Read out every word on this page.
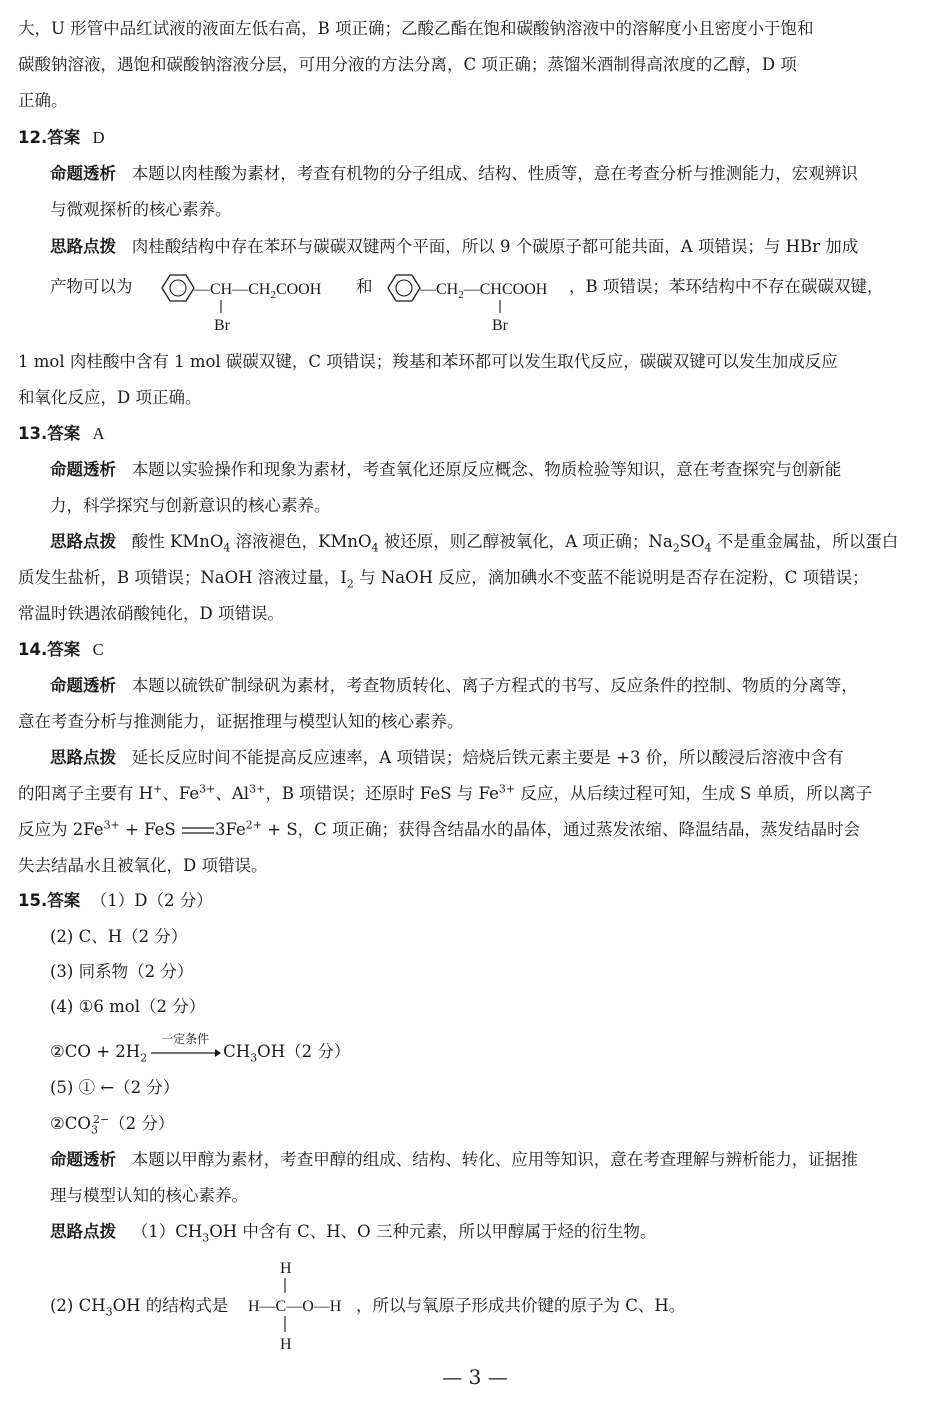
大，U 形管中品红试液的液面左低右高，B 项正确；乙酸乙酯在饱和碳酸钠溶液中的溶解度小且密度小于饱和
碳酸钠溶液，遇饱和碳酸钠溶液分层，可用分液的方法分离，C 项正确；蒸馏米酒制得高浓度的乙醇，D 项
正确。
12.答案 D
命题透析 本题以肉桂酸为素材，考查有机物的分子组成、结构、性质等，意在考查分析与推测能力，宏观辨识
与微观探析的核心素养。
思路点拨 肉桂酸结构中存在苯环与碳碳双键两个平面，所以 9 个碳原子都可能共面，A 项错误；与 HBr 加成
产物可以为	$—CH—CH_2COOH$
Br
和	$—CH_2—CHCOOH$
Br
，B 项错误；苯环结构中不存在碳碳双键，
1 mol 肉桂酸中含有 1 mol 碳碳双键，C 项错误；羧基和苯环都可以发生取代反应，碳碳双键可以发生加成反应
和氧化反应，D 项正确。
13.答案 A
命题透析 本题以实验操作和现象为素材，考查氧化还原反应概念、物质检验等知识，意在考查探究与创新能
力，科学探究与创新意识的核心素养。
思路点拨 酸性 KMnO$_4$ 溶液褪色，KMnO$_4$ 被还原，则乙醇被氧化，A 项正确；$Na_2SO_4$ 不是重金属盐，所以蛋白
质发生盐析，B 项错误；NaOH 溶液过量，$I_2$ 与 NaOH 反应，滴加碘水不变蓝不能说明是否存在淀粉，C 项错误；
常温时铁遇浓硝酸钝化，D 项错误。
14.答案 C
命题透析 本题以硫铁矿制绿矾为素材，考查物质转化、离子方程式的书写、反应条件的控制、物质的分离等，
意在考查分析与推测能力，证据推理与模型认知的核心素养。
思路点拨 延长反应时间不能提高反应速率，A 项错误；焙烧后铁元素主要是 +3 价，所以酸浸后溶液中含有
的阳离子主要有 H+、$Fe^{3+}$、$Al^{3+}$，B 项错误；还原时 FeS 与 $Fe^{3+}$ 反应，从后续过程可知，生成 S 单质，所以离子
反应为 $2Fe^{3+}$ + FeS $3Fe^{2+} + S$，C 项正确；获得含结晶水的晶体，通过蒸发浓缩、降温结晶，蒸发结晶时会
失去结晶水且被氧化，D 项错误。
15.答案 （1）D（2 分）
(2) C、H（2 分）
(3) 同系物（2 分）
(4) ①6 mol（2 分）
②CO + $2H_2$
一定条件
$CH_3OH(2$ 分）
(5) ① ←（2 分）
$②CO_3^{2-}(2$ 分）
命题透析 本题以甲醇为素材，考查甲醇的组成、结构、转化、应用等知识，意在考查理解与辨析能力，证据推
理与模型认知的核心素养。
思路点拨 $(1)CH_3OH$ 中含有 C、H、O 三种元素，所以甲醇属于烃的衍生物。
(2) $CH_3OH$ 的结构式是
H
H—C—O—H
H
，所以与氧原子形成共价键的原子为 C、H。
— 3 —
